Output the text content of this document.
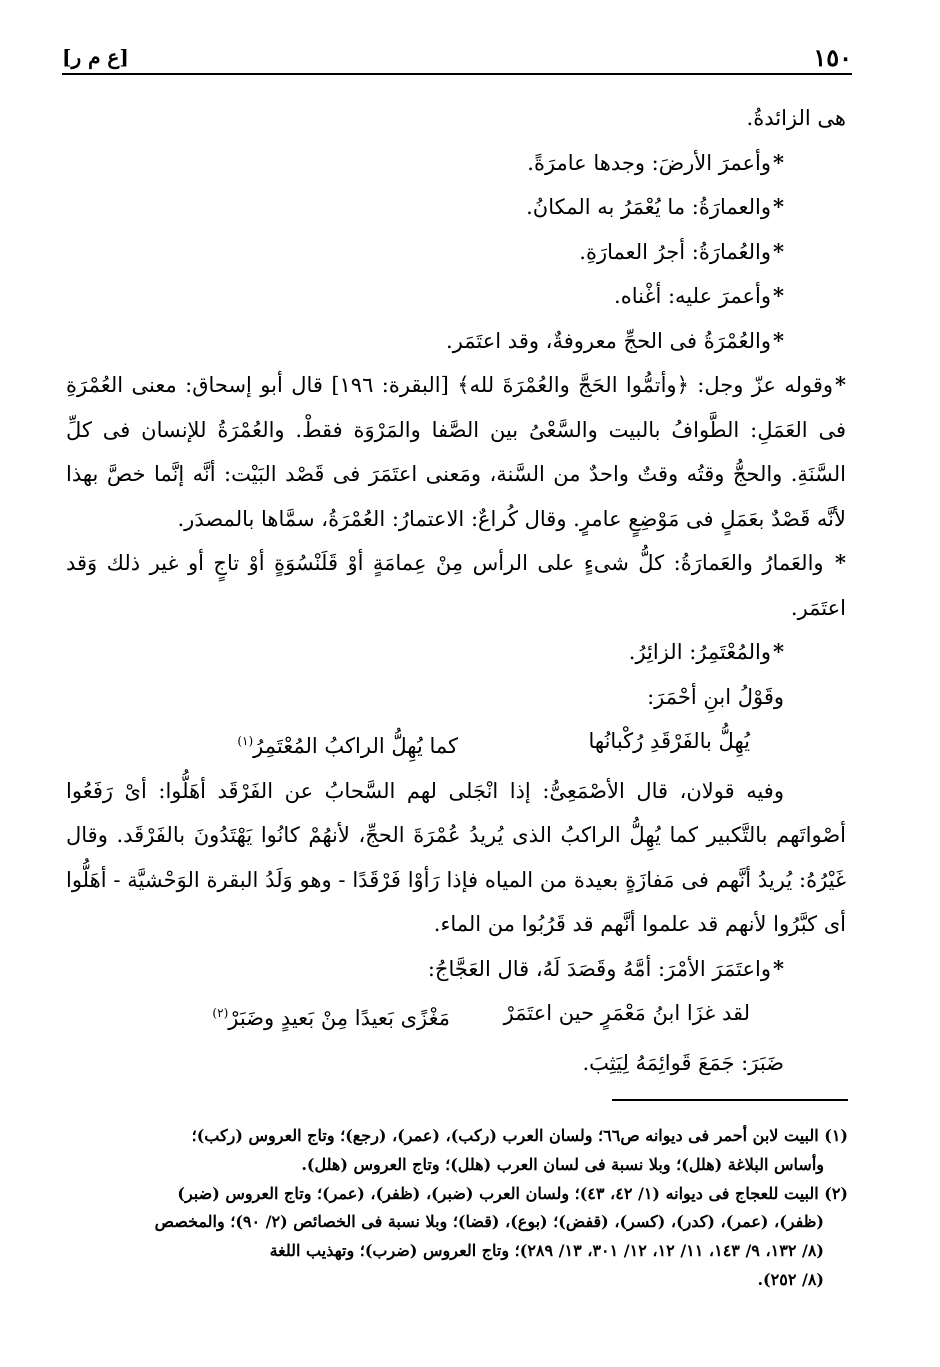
١٥٠
[ع م ر]

هى الزائدةُ.

*وأعمرَ الأرضَ: وجدها عامرَةً.

*والعمارَةُ: ما يُعْمَرُ به المكانُ.

*والعُمارَةُ: أجرُ العمارَةِ.

*وأعمرَ عليه: أغْناه.

*والعُمْرَةُ فى الحجِّ معروفةٌ، وقد اعتَمَر.

*وقوله عزّ وجل: ﴿وأتمُّوا الحَجَّ والعُمْرَةَ لله﴾ [البقرة: ١٩٦] قال أبو إسحاق: معنى العُمْرَةِ فى العَمَلِ: الطَّوافُ بالبيت والسَّعْىُ بين الصَّفا والمَرْوَة فقطْ. والعُمْرَةُ للإنسان فى كلِّ السَّنَةِ. والحجُّ وقتُه وقتٌ واحدٌ من السَّنة، ومَعنى اعتَمَرَ فى قَصْد البَيْت: أنَّه إنَّما خصَّ بهذا لأنَّه قَصْدٌ بعَمَلٍ فى مَوْضِعٍ عامرٍ. وقال كُراعٌ: الاعتمارُ: العُمْرَةُ، سمَّاها بالمصدَر.

* والعَمارُ والعَمارَةُ: كلُّ شىءٍ على الرأس مِنْ عِمامَةٍ أوْ قَلَنْسُوَةٍ أوْ تاجٍ أو غير ذلك وَقد اعتَمَر.

*والمُعْتَمِرُ: الزائِرُ.

وقَوْلُ ابنِ أحْمَرَ:

يُهِلُّ بالفَرْقَدِ رُكْبانُها
كما يُهِلُّ الراكبُ المُعْتَمِرُ$^{(١)}$

وفيه قولان، قال الأصْمَعِىُّ: إذا انْجَلى لهم السَّحابُ عن الفَرْقَد أهَلُّوا: أىْ رَفَعُوا أصْواتَهم بالتَّكبير كما يُهِلُّ الراكبُ الذى يُريدُ عُمْرَةَ الحجِّ، لأنهُمْ كانُوا يَهْتَدُونَ بالفَرْقَد. وقال غَيْرُهُ: يُريدُ أنَّهم فى مَفازَةٍ بعيدة من المياه فإذا رَأوْا فَرْقَدًا - وهو وَلَدُ البقرة الوَحْشيَّة - أهَلُّوا أى كبَّرُوا لأنهم قد علموا أنَّهم قد قَرُبُوا من الماء.

*واعتَمَرَ الأمْرَ: أمَّهُ وقَصَدَ لَهُ، قال العَجَّاجُ:

لقد غزَا ابنُ مَعْمَرٍ حين اعتَمَرْ
مَغْزًى بَعيدًا مِنْ بَعيدٍ وضَبَرْ$^{(٢)}$

ضَبَرَ: جَمَعَ قَوائِمَهُ لِيَثِبَ.

(١) البيت لابن أحمر فى ديوانه ص٦٦؛ ولسان العرب (ركب)، (عمر)، (رجع)؛ وتاج العروس (ركب)؛

وأساس البلاغة (هلل)؛ وبلا نسبة فى لسان العرب (هلل)؛ وتاج العروس (هلل).

(٢) البيت للعجاج فى ديوانه (١/ ٤٢، ٤٣)؛ ولسان العرب (ضبر)، (ظفر)، (عمر)؛ وتاج العروس (ضبر)

(ظفر)، (عمر)، (كدر)، (كسر)، (قفض)؛ (بوع)، (قضا)؛ وبلا نسبة فى الخصائص (٢/ ٩٠)؛ والمخصص

(٨/ ١٣٢، ٩/ ١٤٣، ١١/ ١٢، ١٢/ ٣٠١، ١٣/ ٢٨٩)؛ وتاج العروس (ضرب)؛ وتهذيب اللغة

(٨/ ٢٥٢).
